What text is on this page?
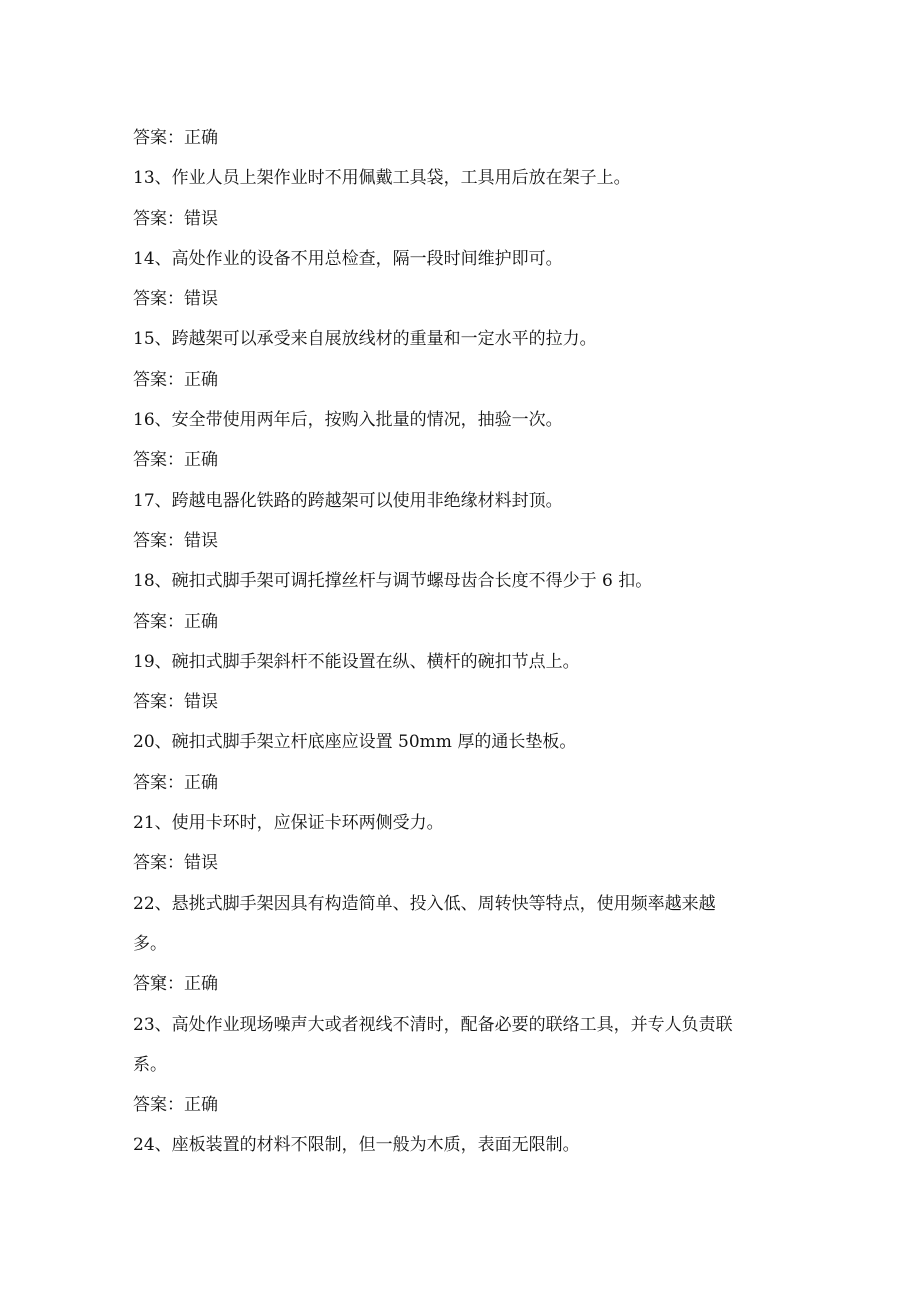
答案：正确
13、作业人员上架作业时不用佩戴工具袋，工具用后放在架子上。
答案：错误
14、高处作业的设备不用总检查，隔一段时间维护即可。
答案：错误
15、跨越架可以承受来自展放线材的重量和一定水平的拉力。
答案：正确
16、安全带使用两年后，按购入批量的情况，抽验一次。
答案：正确
17、跨越电器化铁路的跨越架可以使用非绝缘材料封顶。
答案：错误
18、碗扣式脚手架可调托撑丝杆与调节螺母齿合长度不得少于 6 扣。
答案：正确
19、碗扣式脚手架斜杆不能设置在纵、横杆的碗扣节点上。
答案：错误
20、碗扣式脚手架立杆底座应设置 50mm 厚的通长垫板。
答案：正确
21、使用卡环时，应保证卡环两侧受力。
答案：错误
22、悬挑式脚手架因具有构造简单、投入低、周转快等特点，使用频率越来越
多。
答窠：正确
23、高处作业现场噪声大或者视线不清时，配备必要的联络工具，并专人负责联
系。
答案：正确
24、座板装置的材料不限制，但一般为木质，表面无限制。
